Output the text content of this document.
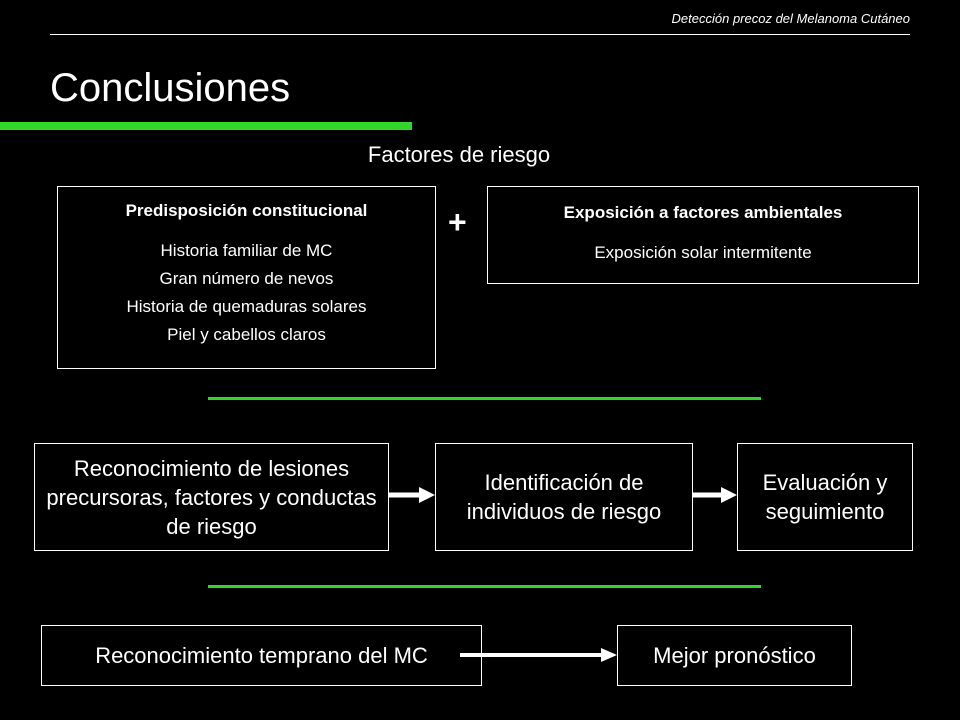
Detección precoz del Melanoma Cutáneo
Conclusiones
Factores de riesgo
Predisposición constitucional
Historia familiar de MC
Gran número de nevos
Historia de quemaduras solares
Piel y cabellos claros
+	Exposición a factores ambientales
Exposición solar intermitente
Reconocimiento de lesiones precursoras, factores y conductas de riesgo
Identificación de individuos de riesgo
Evaluación y seguimiento
Reconocimiento temprano del MC	Mejor pronóstico
